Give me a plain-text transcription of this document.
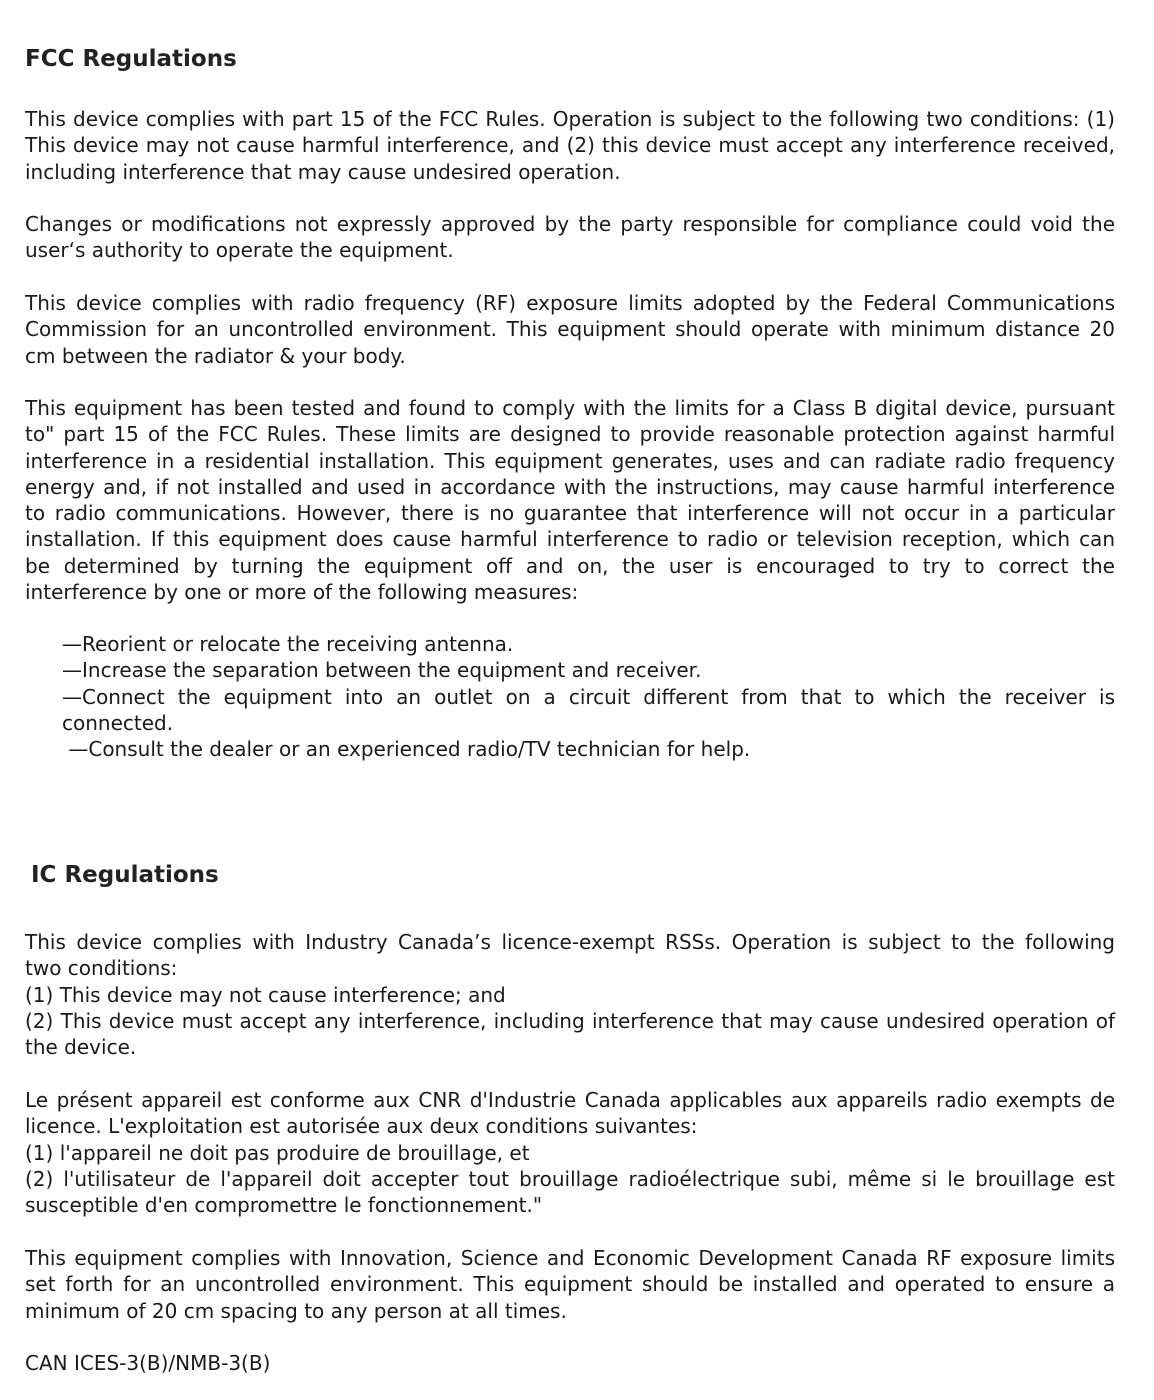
FCC Regulations
This device complies with part 15 of the FCC Rules. Operation is subject to the following two conditions: (1)
This device may not cause harmful interference, and (2) this device must accept any interference received,
including interference that may cause undesired operation.
Changes or modifications not expressly approved by the party responsible for compliance could void the
user‘s authority to operate the equipment.
This device complies with radio frequency (RF) exposure limits adopted by the Federal Communications
Commission for an uncontrolled environment. This equipment should operate with minimum distance 20
cm between the radiator & your body.
This equipment has been tested and found to comply with the limits for a Class B digital device, pursuant
to" part 15 of the FCC Rules. These limits are designed to provide reasonable protection against harmful
interference in a residential installation. This equipment generates, uses and can radiate radio frequency
energy and, if not installed and used in accordance with the instructions, may cause harmful interference
to radio communications. However, there is no guarantee that interference will not occur in a particular
installation. If this equipment does cause harmful interference to radio or television reception, which can
be determined by turning the equipment off and on, the user is encouraged to try to correct the
interference by one or more of the following measures:
—Reorient or relocate the receiving antenna.
—Increase the separation between the equipment and receiver.
—Connect the equipment into an outlet on a circuit different from that to which the receiver is
connected.
—Consult the dealer or an experienced radio/TV technician for help.
IC Regulations
This device complies with Industry Canada’s licence-exempt RSSs. Operation is subject to the following
two conditions:
(1) This device may not cause interference; and
(2) This device must accept any interference, including interference that may cause undesired operation of
the device.
Le présent appareil est conforme aux CNR d'Industrie Canada applicables aux appareils radio exempts de
licence. L'exploitation est autorisée aux deux conditions suivantes:
(1) l'appareil ne doit pas produire de brouillage, et
(2) l'utilisateur de l'appareil doit accepter tout brouillage radioélectrique subi, même si le brouillage est
susceptible d'en compromettre le fonctionnement."
This equipment complies with Innovation, Science and Economic Development Canada RF exposure limits
set forth for an uncontrolled environment. This equipment should be installed and operated to ensure a
minimum of 20 cm spacing to any person at all times.
CAN ICES-3(B)/NMB-3(B)
